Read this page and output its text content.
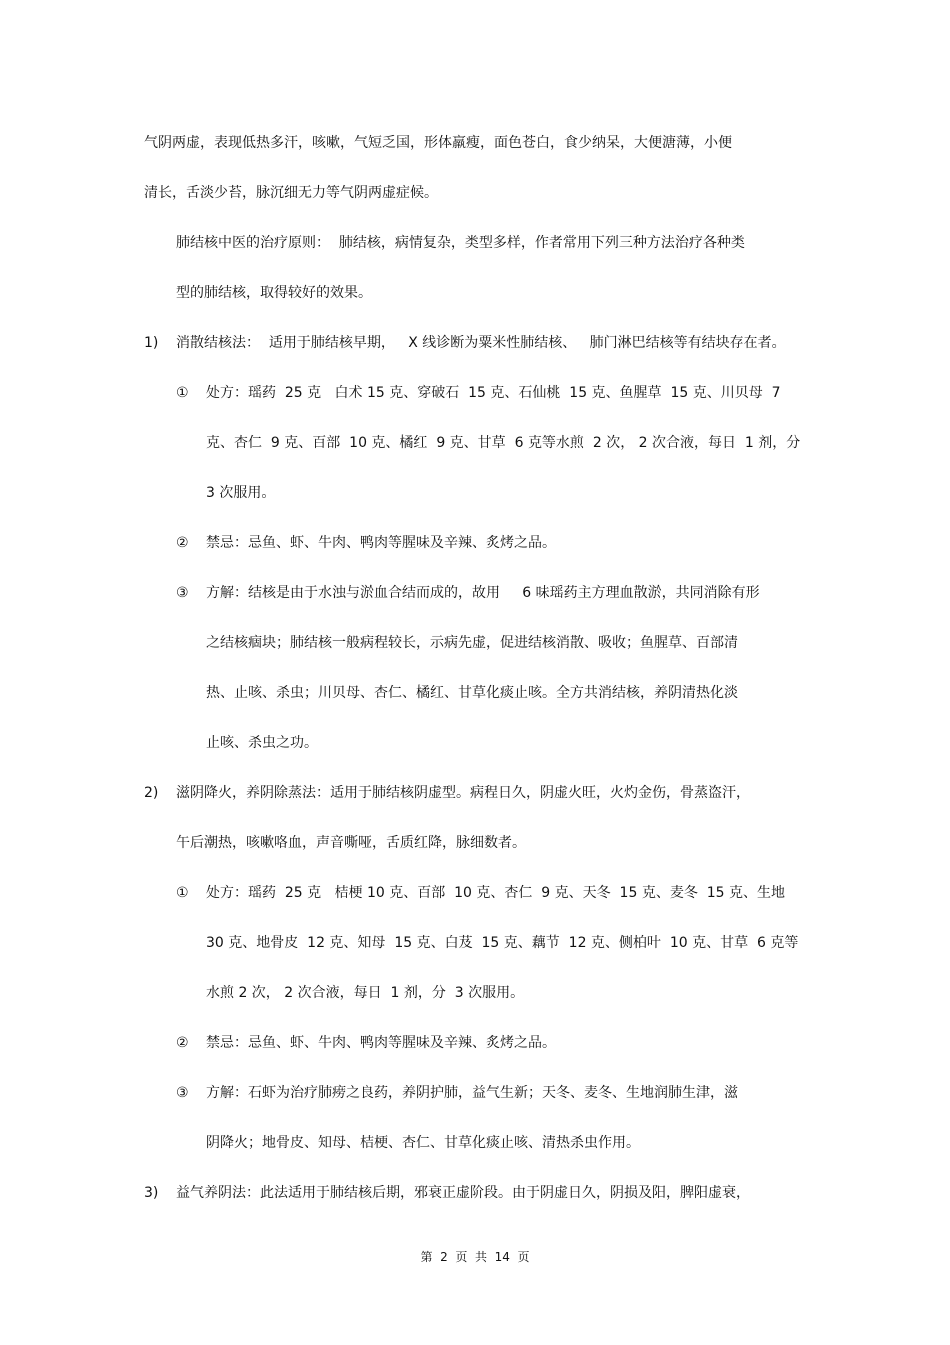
气阴两虚，表现低热多汗，咳嗽，气短乏国，形体羸瘦，面色苍白，食少纳呆，大便溏薄，小便

清长，舌淡少苔，脉沉细无力等气阴两虚症候。

肺结核中医的治疗原则：  肺结核，病情复杂，类型多样，作者常用下列三种方法治疗各种类

型的肺结核，取得较好的效果。

1) 消散结核法：  适用于肺结核早期，   X 线诊断为粟米性肺结核、   肺门淋巴结核等有结块存在者。

① 处方：瑶药  25 克   白术 15 克、穿破石  15 克、石仙桃  15 克、鱼腥草  15 克、川贝母  7

克、杏仁  9 克、百部  10 克、橘红  9 克、甘草  6 克等水煎  2 次， 2 次合液，每日  1 剂，分

3 次服用。

② 禁忌：忌鱼、虾、牛肉、鸭肉等腥味及辛辣、炙烤之品。

③ 方解：结核是由于水浊与淤血合结而成的，故用     6 味瑶药主方理血散淤，共同消除有形

之结核痼块；肺结核一般病程较长，示病先虚，促进结核消散、吸收；鱼腥草、百部清

热、止咳、杀虫；川贝母、杏仁、橘红、甘草化痰止咳。全方共消结核，养阴清热化淡

止咳、杀虫之功。

2) 滋阴降火，养阴除蒸法：适用于肺结核阴虚型。病程日久，阴虚火旺，火灼金伤，骨蒸盗汗，

午后潮热，咳嗽咯血，声音嘶哑，舌质红降，脉细数者。

① 处方：瑶药  25 克   桔梗 10 克、百部  10 克、杏仁  9 克、天冬  15 克、麦冬  15 克、生地

30 克、地骨皮  12 克、知母  15 克、白芨  15 克、藕节  12 克、侧柏叶  10 克、甘草  6 克等

水煎 2 次， 2 次合液，每日  1 剂，分  3 次服用。

② 禁忌：忌鱼、虾、牛肉、鸭肉等腥味及辛辣、炙烤之品。

③ 方解：石虾为治疗肺痨之良药，养阴护肺，益气生新；天冬、麦冬、生地润肺生津，滋

阴降火；地骨皮、知母、桔梗、杏仁、甘草化痰止咳、清热杀虫作用。

3) 益气养阴法：此法适用于肺结核后期，邪衰正虚阶段。由于阴虚日久，阴损及阳，脾阳虚衰，

第  2  页  共  14  页
